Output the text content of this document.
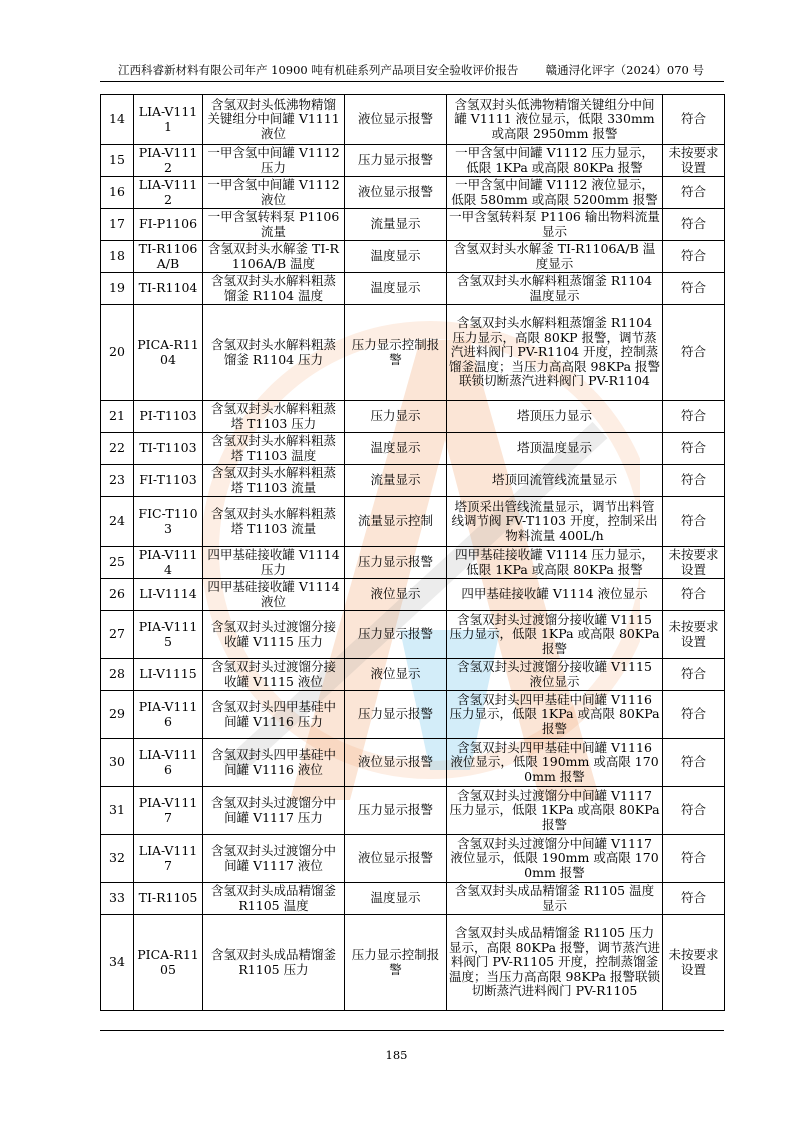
江西科睿新材料有限公司年产 10900 吨有机硅系列产品项目安全验收评价报告 赣通浔化评字（2024）070 号
14	LIA-V1111	含氢双封头低沸物精馏关键组分中间罐 V1111 液位	液位显示报警	含氢双封头低沸物精馏关键组分中间罐 V1111 液位显示，低限 330mm 或高限 2950mm 报警	符合
15	PIA-V1112	一甲含氢中间罐 V1112 压力	压力显示报警	一甲含氢中间罐 V1112 压力显示，低限 1KPa 或高限 80KPa 报警	未按要求设置
16	LIA-V1112	一甲含氢中间罐 V1112 液位	液位显示报警	一甲含氢中间罐 V1112 液位显示，低限 580mm 或高限 5200mm 报警	符合
17	FI-P1106	一甲含氢转料泵 P1106 流量	流量显示	一甲含氢转料泵 P1106 输出物料流量显示	符合
18	TI-R1106A/B	含氢双封头水解釜 TI-R1106A/B 温度	温度显示	含氢双封头水解釜 TI-R1106A/B 温度显示	符合
19	TI-R1104	含氢双封头水解料粗蒸馏釜 R1104 温度	温度显示	含氢双封头水解料粗蒸馏釜 R1104 温度显示	符合
20	PICA-R1104	含氢双封头水解料粗蒸馏釜 R1104 压力	压力显示控制报警	含氢双封头水解料粗蒸馏釜 R1104 压力显示，高限 80KP 报警，调节蒸汽进料阀门 PV-R1104 开度，控制蒸馏釜温度；当压力高高限 98KPa 报警联锁切断蒸汽进料阀门 PV-R1104	符合
21	PI-T1103	含氢双封头水解料粗蒸塔 T1103 压力	压力显示	塔顶压力显示	符合
22	TI-T1103	含氢双封头水解料粗蒸塔 T1103 温度	温度显示	塔顶温度显示	符合
23	FI-T1103	含氢双封头水解料粗蒸塔 T1103 流量	流量显示	塔顶回流管线流量显示	符合
24	FIC-T1103	含氢双封头水解料粗蒸塔 T1103 流量	流量显示控制	塔顶采出管线流量显示，调节出料管线调节阀 FV-T1103 开度，控制采出物料流量 400L/h	符合
25	PIA-V1114	四甲基硅接收罐 V1114 压力	压力显示报警	四甲基硅接收罐 V1114 压力显示，低限 1KPa 或高限 80KPa 报警	未按要求设置
26	LI-V1114	四甲基硅接收罐 V1114 液位	液位显示	四甲基硅接收罐 V1114 液位显示	符合
27	PIA-V1115	含氢双封头过渡馏分接收罐 V1115 压力	压力显示报警	含氢双封头过渡馏分接收罐 V1115 压力显示，低限 1KPa 或高限 80KPa 报警	未按要求设置
28	LI-V1115	含氢双封头过渡馏分接收罐 V1115 液位	液位显示	含氢双封头过渡馏分接收罐 V1115 液位显示	符合
29	PIA-V1116	含氢双封头四甲基硅中间罐 V1116 压力	压力显示报警	含氢双封头四甲基硅中间罐 V1116 压力显示，低限 1KPa 或高限 80KPa 报警	符合
30	LIA-V1116	含氢双封头四甲基硅中间罐 V1116 液位	液位显示报警	含氢双封头四甲基硅中间罐 V1116 液位显示，低限 190mm 或高限 1700mm 报警	符合
31	PIA-V1117	含氢双封头过渡馏分中间罐 V1117 压力	压力显示报警	含氢双封头过渡馏分中间罐 V1117 压力显示，低限 1KPa 或高限 80KPa 报警	符合
32	LIA-V1117	含氢双封头过渡馏分中间罐 V1117 液位	液位显示报警	含氢双封头过渡馏分中间罐 V1117 液位显示，低限 190mm 或高限 1700mm 报警	符合
33	TI-R1105	含氢双封头成品精馏釜 R1105 温度	温度显示	含氢双封头成品精馏釜 R1105 温度显示	符合
34	PICA-R1105	含氢双封头成品精馏釜 R1105 压力	压力显示控制报警	含氢双封头成品精馏釜 R1105 压力显示，高限 80KPa 报警，调节蒸汽进料阀门 PV-R1105 开度，控制蒸馏釜温度；当压力高高限 98KPa 报警联锁切断蒸汽进料阀门 PV-R1105	未按要求设置
185
